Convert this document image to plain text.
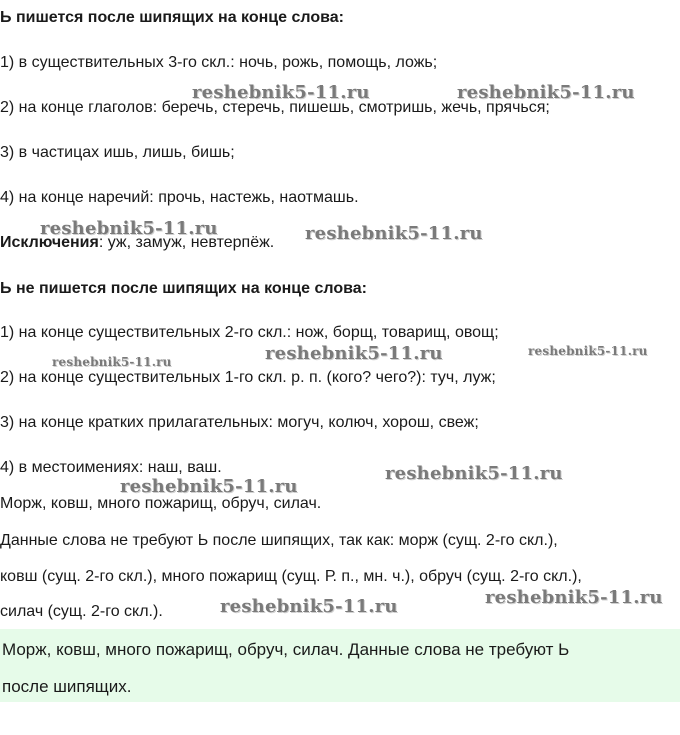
Ь пишется после шипящих на конце слова:
1) в существительных 3-го скл.: ночь, рожь, помощь, ложь;
2) на конце глаголов: беречь, стеречь, пишешь, смотришь, жечь, прячься;
3) в частицах ишь, лишь, бишь;
4) на конце наречий: прочь, настежь, наотмашь.
Исключения: уж, замуж, невтерпёж.
Ь не пишется после шипящих на конце слова:
1) на конце существительных 2-го скл.: нож, борщ, товарищ, овощ;
2) на конце существительных 1-го скл. р. п. (кого? чего?): туч, луж;
3) на конце кратких прилагательных: могуч, колюч, хорош, свеж;
4) в местоимениях: наш, ваш.
Морж, ковш, много пожарищ, обруч, силач.
Данные слова не требуют Ь после шипящих, так как: морж (сущ. 2-го скл.),
ковш (сущ. 2-го скл.), много пожарищ (сущ. Р. п., мн. ч.), обруч (сущ. 2-го скл.),
силач (сущ. 2-го скл.).
Морж, ковш, много пожарищ, обруч, силач. Данные слова не требуют Ь
после шипящих.
reshebnik5-11.ru	reshebnik5-11.ru
reshebnik5-11.ru	reshebnik5-11.ru
reshebnik5-11.ru	reshebnik5-11.ru	reshebnik5-11.ru
reshebnik5-11.ru
reshebnik5-11.ru
reshebnik5-11.ru	reshebnik5-11.ru
